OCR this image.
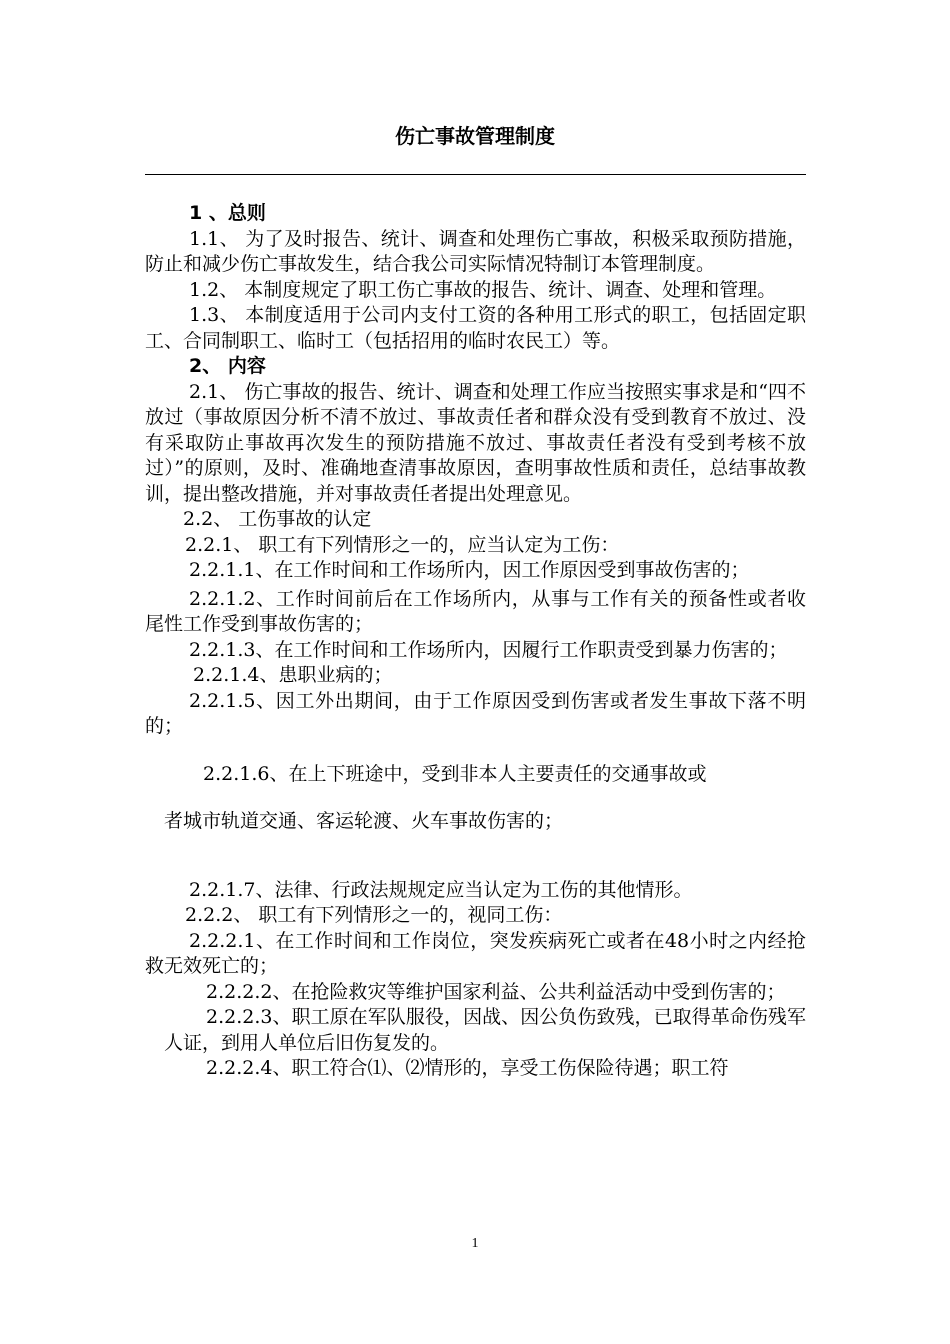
伤亡事故管理制度

1 、总则

1.1、 为了及时报告、统计、调查和处理伤亡事故，积极采取预防措施，防止和减少伤亡事故发生，结合我公司实际情况特制订本管理制度。

1.2、 本制度规定了职工伤亡事故的报告、统计、调查、处理和管理。

1.3、 本制度适用于公司内支付工资的各种用工形式的职工，包括固定职工、合同制职工、临时工（包括招用的临时农民工）等。

2、 内容

2.1、 伤亡事故的报告、统计、调查和处理工作应当按照实事求是和“四不放过（事故原因分析不清不放过、事故责任者和群众没有受到教育不放过、没有采取防止事故再次发生的预防措施不放过、事故责任者没有受到考核不放过）”的原则，及时、准确地查清事故原因，查明事故性质和责任，总结事故教训，提出整改措施，并对事故责任者提出处理意见。

2.2、 工伤事故的认定

2.2.1、 职工有下列情形之一的，应当认定为工伤：

2.2.1.1、在工作时间和工作场所内，因工作原因受到事故伤害的；

2.2.1.2、工作时间前后在工作场所内，从事与工作有关的预备性或者收尾性工作受到事故伤害的；

2.2.1.3、在工作时间和工作场所内，因履行工作职责受到暴力伤害的；

2.2.1.4、患职业病的；

2.2.1.5、因工外出期间，由于工作原因受到伤害或者发生事故下落不明的；

2.2.1.6、在上下班途中，受到非本人主要责任的交通事故或

者城市轨道交通、客运轮渡、火车事故伤害的；

2.2.1.7、法律、行政法规规定应当认定为工伤的其他情形。

2.2.2、 职工有下列情形之一的，视同工伤：

2.2.2.1、在工作时间和工作岗位，突发疾病死亡或者在48小时之内经抢救无效死亡的；

2.2.2.2、在抢险救灾等维护国家利益、公共利益活动中受到伤害的；

2.2.2.3、职工原在军队服役，因战、因公负伤致残，已取得革命伤残军人证，到用人单位后旧伤复发的。

2.2.2.4、职工符合⑴、⑵情形的，享受工伤保险待遇；职工符

1
